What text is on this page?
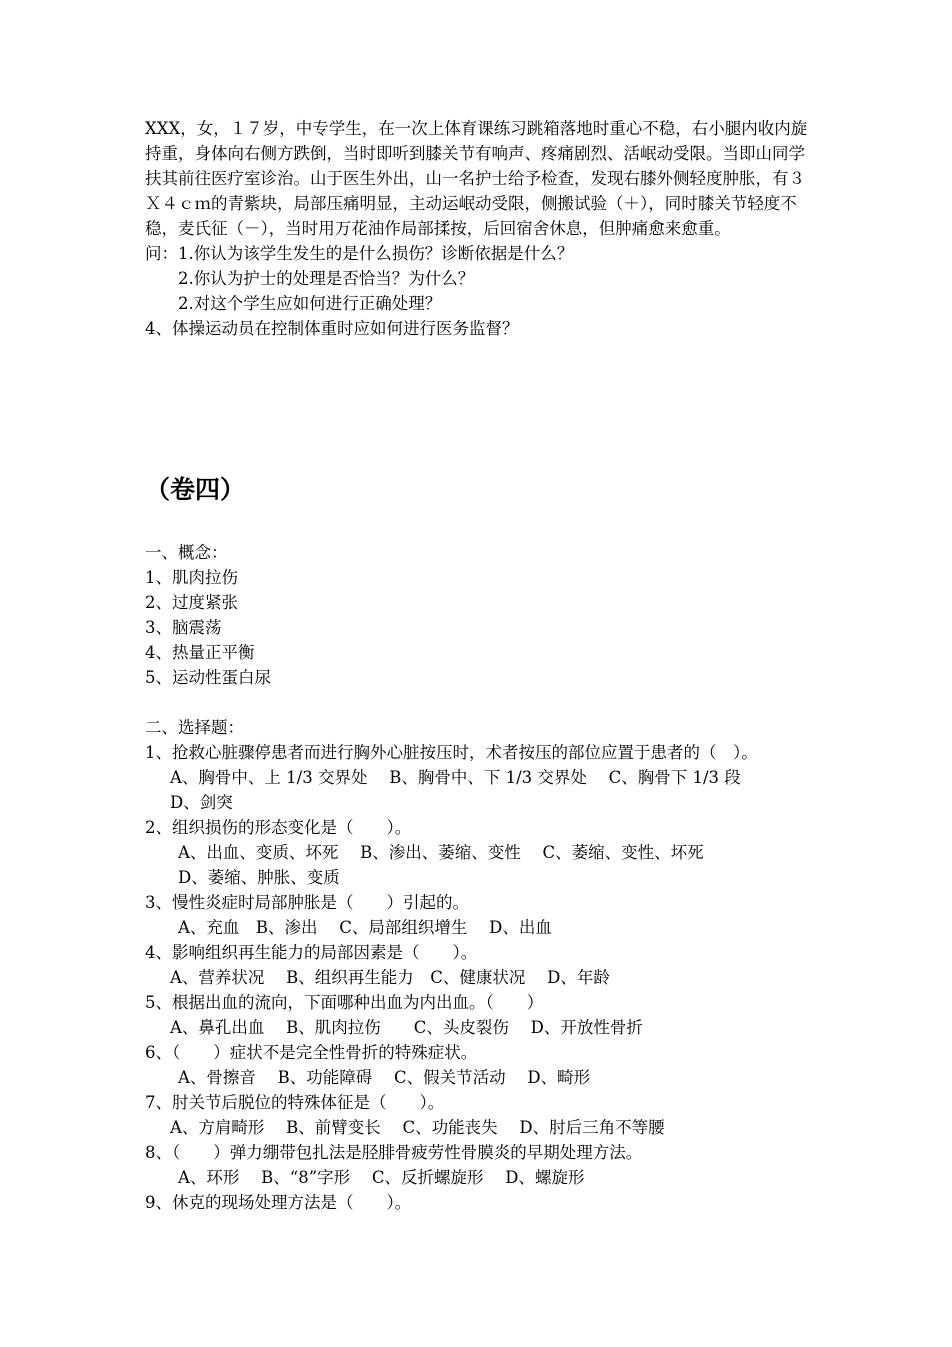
XXX，女，１７岁，中专学生，在一次上体育课练习跳箱落地时重心不稳，右小腿内收内旋
持重，身体向右侧方跌倒，当时即听到膝关节有响声、疼痛剧烈、活岷动受限。当即山同学
扶其前往医疗室诊治。山于医生外出，山一名护士给予检查，发现右膝外侧轻度肿胀，有３
Ｘ４ｃｍ的青紫块，局部压痛明显，主动运岷动受限，侧搬试验（＋），同时膝关节轻度不
稳，麦氏征（－），当时用万花油作局部揉按，后回宿舍休息，但肿痛愈来愈重。
问：1.你认为该学生发生的是什么损伤？诊断依据是什么？
2.你认为护士的处理是否恰当？为什么？
2.对这个学生应如何进行正确处理？
4、体操运动员在控制体重时应如何进行医务监督？
（卷四）
一、概念：
1、肌肉拉伤
2、过度紧张
3、脑震荡
4、热量正平衡
5、运动性蛋白尿
二、选择题：
1、抢救心脏骤停患者而进行胸外心脏按压时，术者按压的部位应置于患者的（　）。
A、胸骨中、上 1/3 交界处　 B、胸骨中、下 1/3 交界处　 C、胸骨下 1/3 段
D、剑突
2、组织损伤的形态变化是（　　）。
A、出血、变质、坏死　 B、渗出、萎缩、变性　 C、萎缩、变性、坏死
D、萎缩、肿胀、变质
3、慢性炎症时局部肿胀是（　　）引起的。
A、充血　B、渗出　 C、局部组织增生　 D、出血
4、影响组织再生能力的局部因素是（　　）。
A、营养状况　 B、组织再生能力　C、健康状况　 D、年龄
5、根据出血的流向，下面哪种出血为内出血。（　　）
A、鼻孔出血　 B、肌肉拉伤　　C、头皮裂伤　 D、开放性骨折
6、（　　）症状不是完全性骨折的特殊症状。
A、骨擦音　 B、功能障碍　 C、假关节活动　 D、畸形
7、肘关节后脱位的特殊体征是（　　）。
A、方肩畸形　 B、前臂变长　 C、功能丧失　 D、肘后三角不等腰
8、（　　）弹力绷带包扎法是胫腓骨疲劳性骨膜炎的早期处理方法。
A、环形　 B、“8”字形　 C、反折螺旋形　 D、螺旋形
9、休克的现场处理方法是（　　）。
